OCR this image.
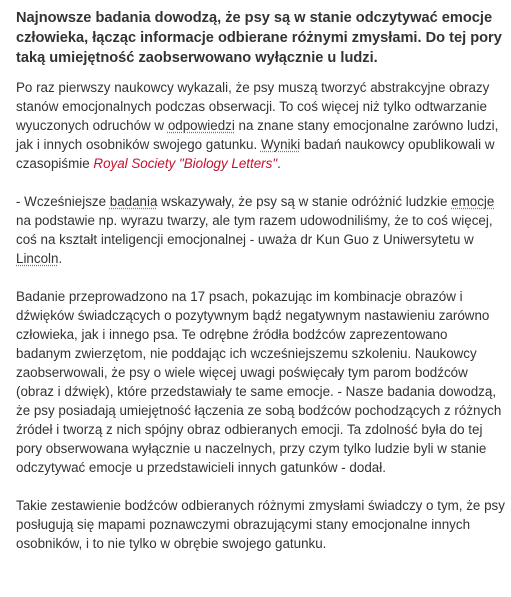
Najnowsze badania dowodzą, że psy są w stanie odczytywać emocje człowieka, łącząc informacje odbierane różnymi zmysłami. Do tej pory taką umiejętność zaobserwowano wyłącznie u ludzi.

Po raz pierwszy naukowcy wykazali, że psy muszą tworzyć abstrakcyjne obrazy stanów emocjonalnych podczas obserwacji. To coś więcej niż tylko odtwarzanie wyuczonych odruchów w odpowiedzi na znane stany emocjonalne zarówno ludzi, jak i innych osobników swojego gatunku. Wyniki badań naukowcy opublikowali w czasopiśmie Royal Society "Biology Letters".

- Wcześniejsze badania wskazywały, że psy są w stanie odróżnić ludzkie emocje na podstawie np. wyrazu twarzy, ale tym razem udowodniliśmy, że to coś więcej, coś na kształt inteligencji emocjonalnej - uważa dr Kun Guo z Uniwersytetu w Lincoln.

Badanie przeprowadzono na 17 psach, pokazując im kombinacje obrazów i dźwięków świadczących o pozytywnym bądź negatywnym nastawieniu zarówno człowieka, jak i innego psa. Te odrębne źródła bodźców zaprezentowano badanym zwierzętom, nie poddając ich wcześniejszemu szkoleniu. Naukowcy zaobserwowali, że psy o wiele więcej uwagi poświęcały tym parom bodźców (obraz i dźwięk), które przedstawiały te same emocje. - Nasze badania dowodzą, że psy posiadają umiejętność łączenia ze sobą bodźców pochodzących z różnych źródeł i tworzą z nich spójny obraz odbieranych emocji. Ta zdolność była do tej pory obserwowana wyłącznie u naczelnych, przy czym tylko ludzie byli w stanie odczytywać emocje u przedstawicieli innych gatunków - dodał.

Takie zestawienie bodźców odbieranych różnymi zmysłami świadczy o tym, że psy posługują się mapami poznawczymi obrazującymi stany emocjonalne innych osobników, i to nie tylko w obrębie swojego gatunku.
